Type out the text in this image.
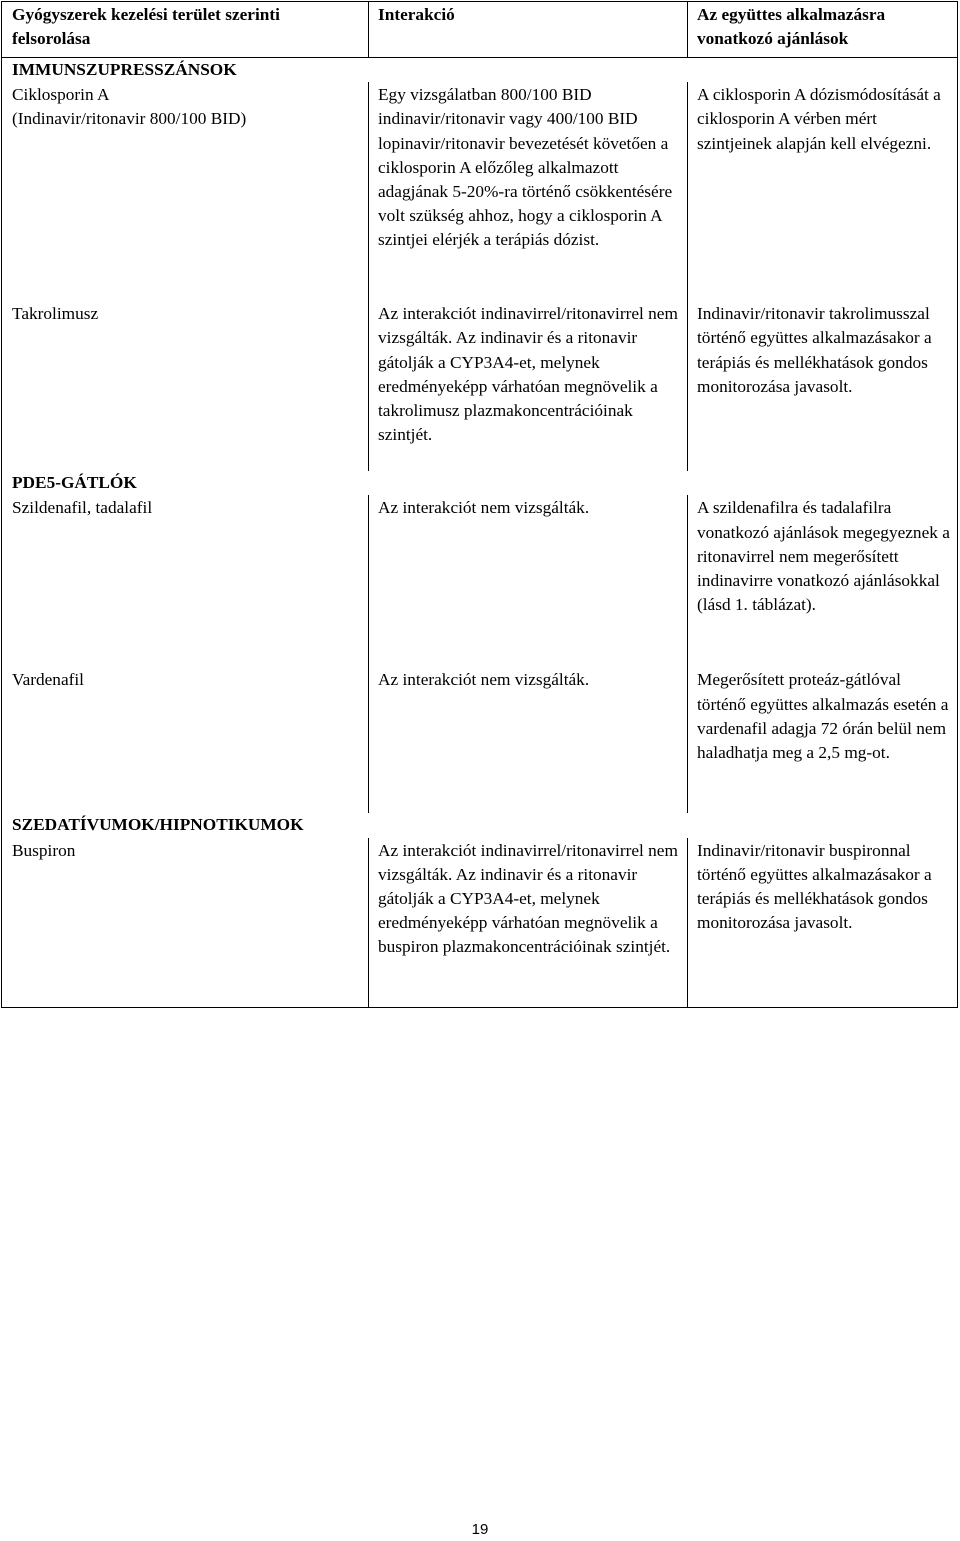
Gyógyszerek kezelési terület szerinti felsorolása	Interakció	Az együttes alkalmazásra vonatkozó ajánlások
IMMUNSZUPRESSZÁNSOK		
Ciklosporin A
(Indinavir/ritonavir 800/100 BID)	Egy vizsgálatban 800/100 BID indinavir/ritonavir vagy 400/100 BID lopinavir/ritonavir bevezetését követően a ciklosporin A előzőleg alkalmazott adagjának 5-20%-ra történő csökkentésére volt szükség ahhoz, hogy a ciklosporin A szintjei elérjék a terápiás dózist.	A ciklosporin A dózismódosítását a ciklosporin A vérben mért szintjeinek alapján kell elvégezni.
Takrolimusz	Az interakciót indinavirrel/ritonavirrel nem vizsgálták. Az indinavir és a ritonavir gátolják a CYP3A4-et, melynek eredményeképp várhatóan megnövelik a takrolimusz plazmakoncentrációinak szintjét.	Indinavir/ritonavir takrolimusszal történő együttes alkalmazásakor a terápiás és mellékhatások gondos monitorozása javasolt.
PDE5-GÁTLÓK		
Szildenafil, tadalafil	Az interakciót nem vizsgálták.	A szildenafilra és tadalafilra vonatkozó ajánlások megegyeznek a ritonavirrel nem megerősített indinavirre vonatkozó ajánlásokkal (lásd 1. táblázat).
Vardenafil	Az interakciót nem vizsgálták.	Megerősített proteáz-gátlóval történő együttes alkalmazás esetén a vardenafil adagja 72 órán belül nem haladhatja meg a 2,5 mg-ot.
SZEDATÍVUMOK/HIPNOTIKUMOK		
Buspiron	Az interakciót indinavirrel/ritonavirrel nem vizsgálták. Az indinavir és a ritonavir gátolják a CYP3A4-et, melynek eredményeképp várhatóan megnövelik a buspiron plazmakoncentrációinak szintjét.	Indinavir/ritonavir buspironnal történő együttes alkalmazásakor a terápiás és mellékhatások gondos monitorozása javasolt.
19
